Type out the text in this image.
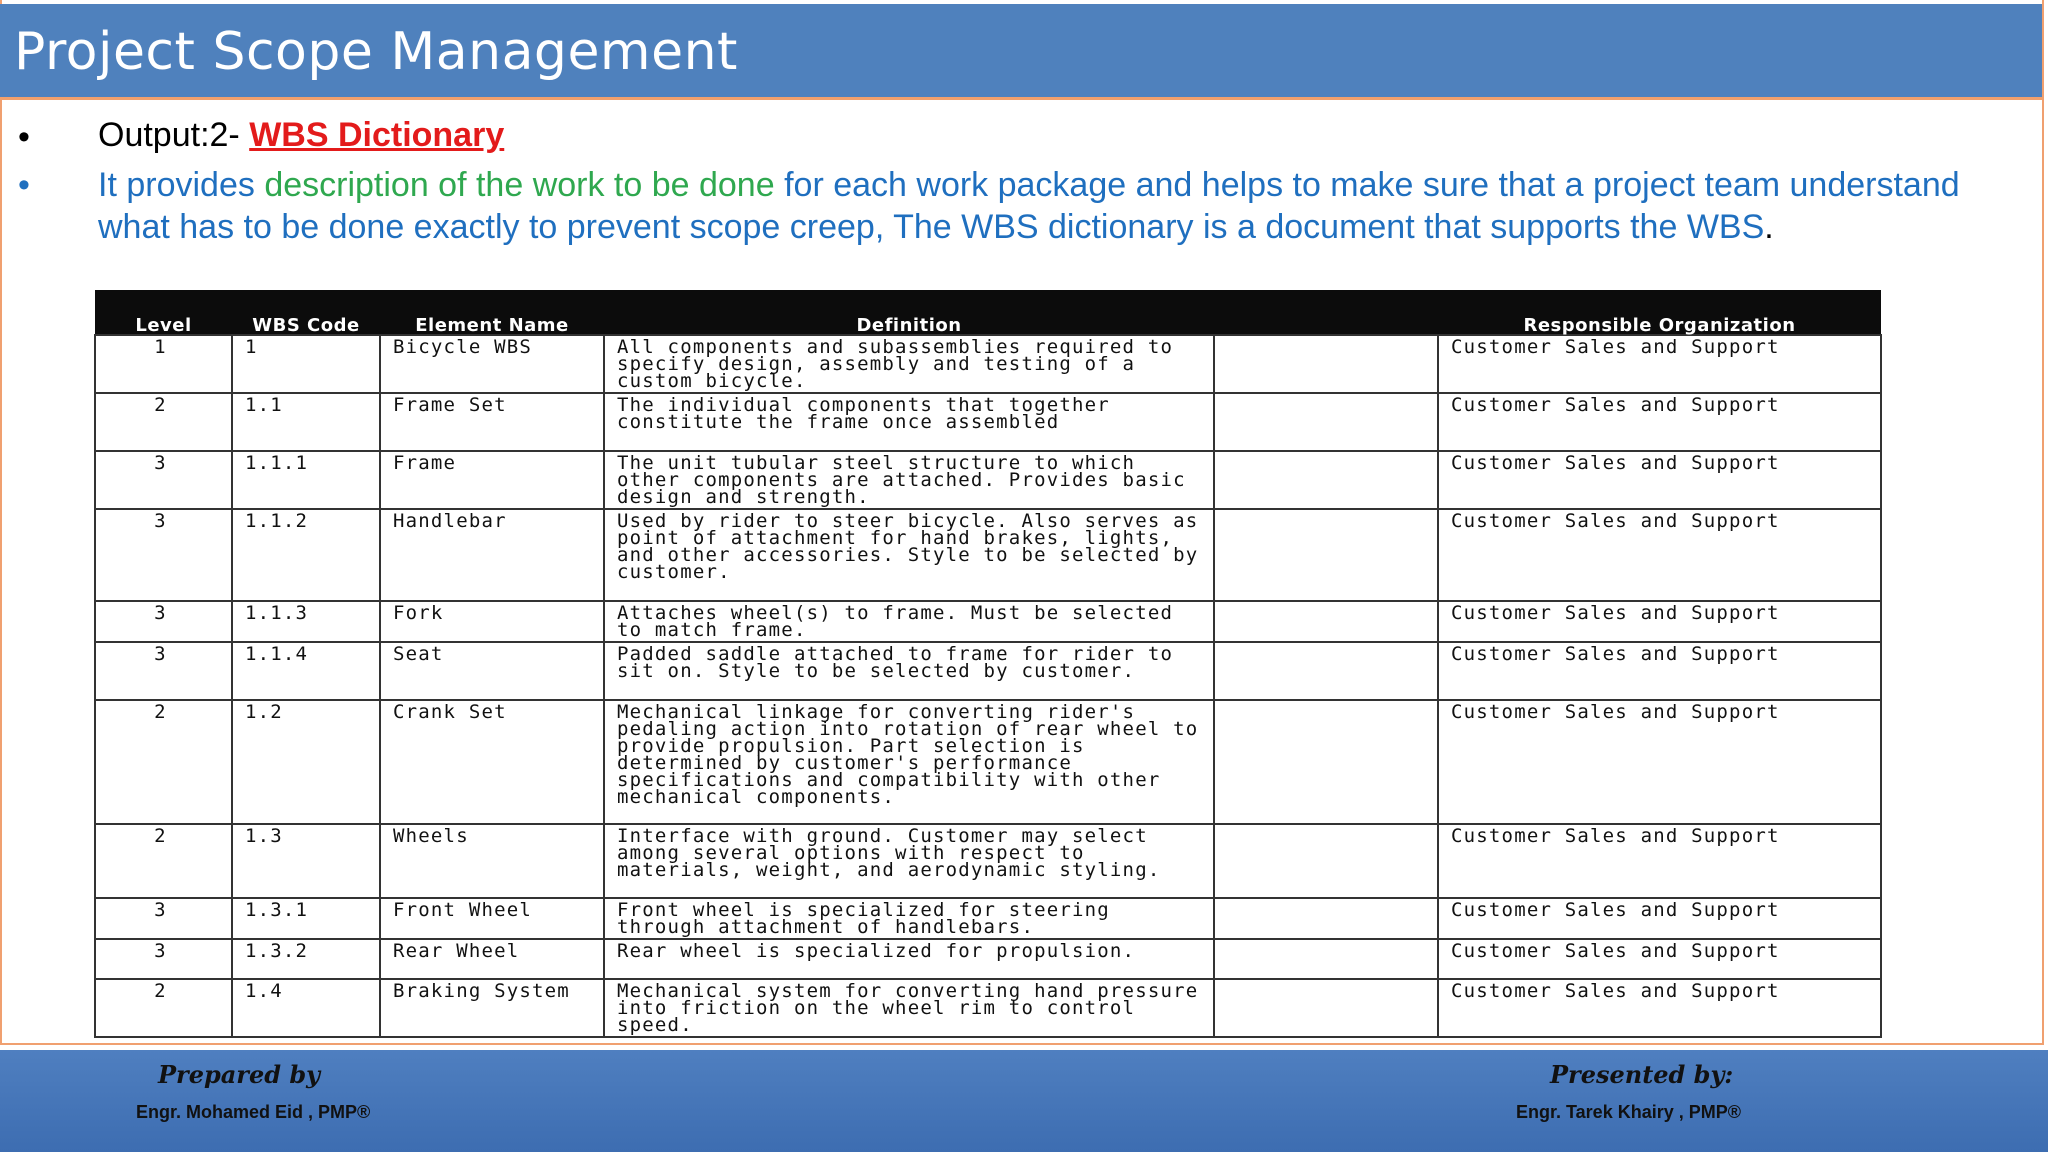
Project Scope Management
• Output:2- WBS Dictionary
• It provides description of the work to be done for each work package and helps to make sure that a project team understand what has to be done exactly to prevent scope creep, The WBS dictionary is a document that supports the WBS.
Level	WBS Code	Element Name	Definition		Responsible Organization
1	1	Bicycle WBS	All components and subassemblies required to specify design, assembly and testing of a custom bicycle.		Customer Sales and Support
2	1.1	Frame Set	The individual components that together constitute the frame once assembled		Customer Sales and Support
3	1.1.1	Frame	The unit tubular steel structure to which other components are attached. Provides basic design and strength.		Customer Sales and Support
3	1.1.2	Handlebar	Used by rider to steer bicycle. Also serves as point of attachment for hand brakes, lights, and other accessories. Style to be selected by customer.		Customer Sales and Support
3	1.1.3	Fork	Attaches wheel(s) to frame. Must be selected to match frame.		Customer Sales and Support
3	1.1.4	Seat	Padded saddle attached to frame for rider to sit on. Style to be selected by customer.		Customer Sales and Support
2	1.2	Crank Set	Mechanical linkage for converting rider's pedaling action into rotation of rear wheel to provide propulsion. Part selection is determined by customer's performance specifications and compatibility with other mechanical components.		Customer Sales and Support
2	1.3	Wheels	Interface with ground. Customer may select among several options with respect to materials, weight, and aerodynamic styling.		Customer Sales and Support
3	1.3.1	Front Wheel	Front wheel is specialized for steering through attachment of handlebars.		Customer Sales and Support
3	1.3.2	Rear Wheel	Rear wheel is specialized for propulsion.		Customer Sales and Support
2	1.4	Braking System	Mechanical system for converting hand pressure into friction on the wheel rim to control speed.		Customer Sales and Support
Prepared by
Engr. Mohamed Eid , PMP®
Presented by:
Engr. Tarek Khairy , PMP®
